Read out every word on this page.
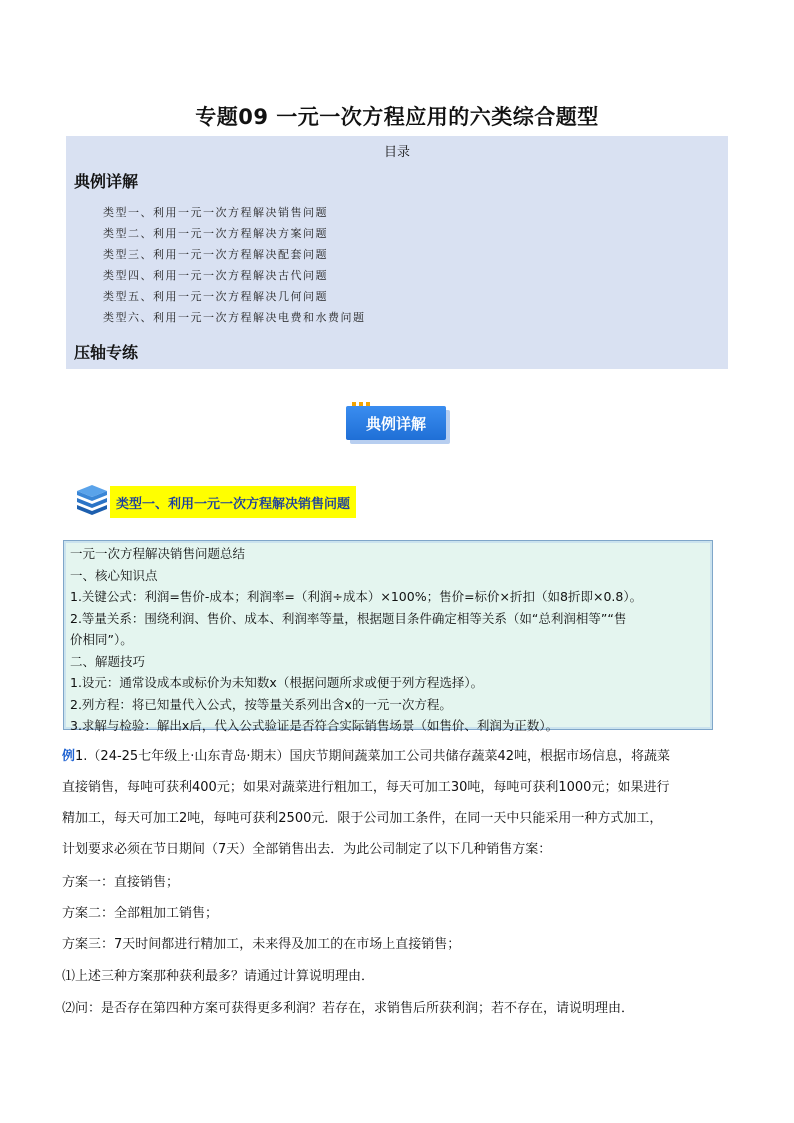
专题09 一元一次方程应用的六类综合题型
目录
典例详解
类型一、利用一元一次方程解决销售问题
类型二、利用一元一次方程解决方案问题
类型三、利用一元一次方程解决配套问题
类型四、利用一元一次方程解决古代问题
类型五、利用一元一次方程解决几何问题
类型六、利用一元一次方程解决电费和水费问题
压轴专练
典例详解
类型一、利用一元一次方程解决销售问题
一元一次方程解决销售问题总结
一、核心知识点
1.关键公式：利润=售价-成本；利润率=（利润÷成本）×100%；售价=标价×折扣（如8折即×0.8）。
2.等量关系：围绕利润、售价、成本、利润率等量，根据题目条件确定相等关系（如“总利润相等”“售
价相同”）。
二、解题技巧
1.设元：通常设成本或标价为未知数x（根据问题所求或便于列方程选择）。
2.列方程：将已知量代入公式，按等量关系列出含x的一元一次方程。
3.求解与检验：解出x后，代入公式验证是否符合实际销售场景（如售价、利润为正数）。
例1.（24-25七年级上·山东青岛·期末）国庆节期间蔬菜加工公司共储存蔬菜42吨，根据市场信息，将蔬菜
直接销售，每吨可获利400元；如果对蔬菜进行粗加工，每天可加工30吨，每吨可获利1000元；如果进行
精加工，每天可加工2吨，每吨可获利2500元．限于公司加工条件，在同一天中只能采用一种方式加工，
计划要求必须在节日期间（7天）全部销售出去．为此公司制定了以下几种销售方案：
方案一：直接销售；
方案二：全部粗加工销售；
方案三：7天时间都进行精加工，未来得及加工的在市场上直接销售；
⑴上述三种方案那种获利最多？请通过计算说明理由．
⑵问：是否存在第四种方案可获得更多利润？若存在，求销售后所获利润；若不存在，请说明理由．
